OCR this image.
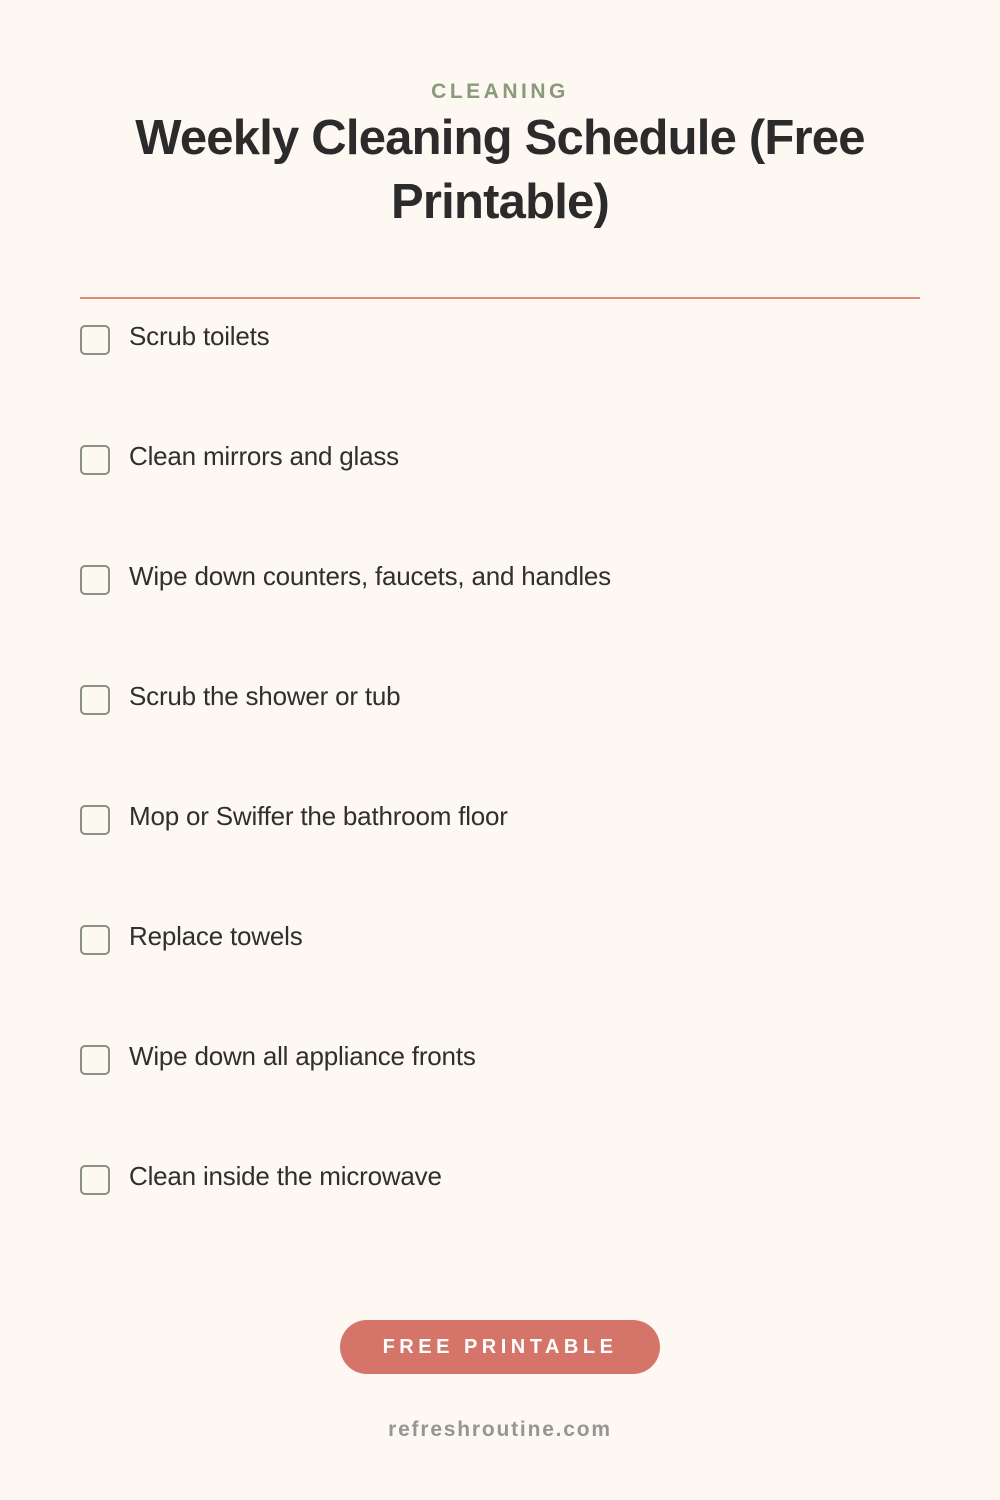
CLEANING

Weekly Cleaning Schedule (Free Printable)
Scrub toilets
Clean mirrors and glass
Wipe down counters, faucets, and handles
Scrub the shower or tub
Mop or Swiffer the bathroom floor
Replace towels
Wipe down all appliance fronts
Clean inside the microwave
FREE PRINTABLE
refreshroutine.com
